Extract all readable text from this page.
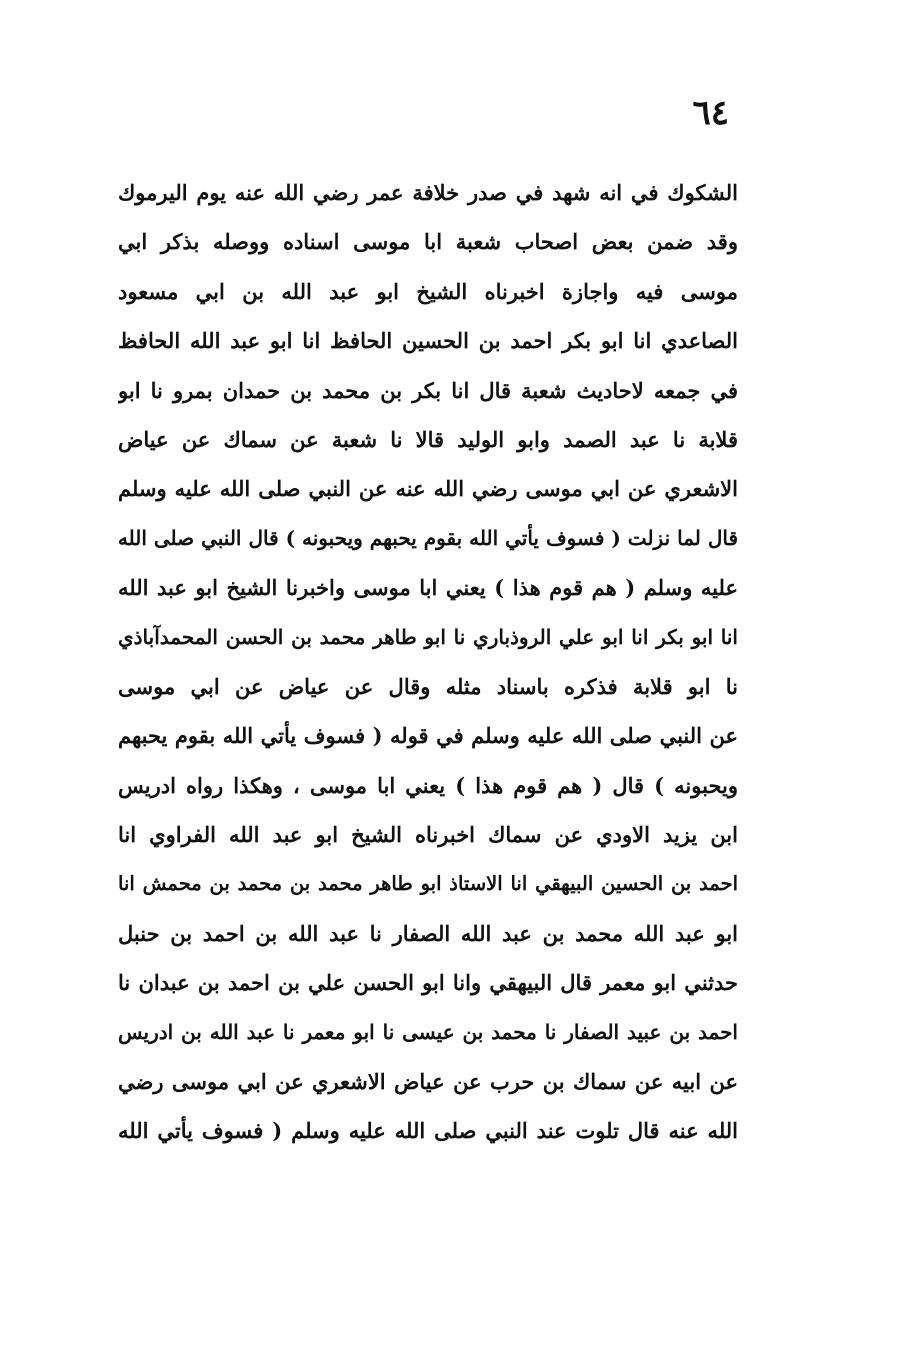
٦٤
الشكوك في انه شهد في صدر خلافة عمر رضي الله عنه يوم اليرموك
وقد ضمن بعض اصحاب شعبة ابا موسى اسناده ووصله بذكر ابي
موسى فيه واجازة اخبرناه الشيخ ابو عبد الله بن ابي مسعود
الصاعدي انا ابو بكر احمد بن الحسين الحافظ انا ابو عبد الله الحافظ
في جمعه لاحاديث شعبة قال انا بكر بن محمد بن حمدان بمرو نا ابو
قلابة نا عبد الصمد وابو الوليد قالا نا شعبة عن سماك عن عياض
الاشعري عن ابي موسى رضي الله عنه عن النبي صلى الله عليه وسلم
قال لما نزلت ( فسوف يأتي الله بقوم يحبهم ويحبونه ) قال النبي صلى الله
عليه وسلم ( هم قوم هذا ) يعني ابا موسى واخبرنا الشيخ ابو عبد الله
انا ابو بكر انا ابو علي الروذباري نا ابو طاهر محمد بن الحسن المحمدآباذي
نا ابو قلابة فذكره باسناد مثله وقال عن عياض عن ابي موسى
عن النبي صلى الله عليه وسلم في قوله ( فسوف يأتي الله بقوم يحبهم
ويحبونه ) قال ( هم قوم هذا ) يعني ابا موسى ، وهكذا رواه ادريس
ابن يزيد الاودي عن سماك اخبرناه الشيخ ابو عبد الله الفراوي انا
احمد بن الحسين البيهقي انا الاستاذ ابو طاهر محمد بن محمد بن محمش انا
ابو عبد الله محمد بن عبد الله الصفار نا عبد الله بن احمد بن حنبل
حدثني ابو معمر قال البيهقي وانا ابو الحسن علي بن احمد بن عبدان نا
احمد بن عبيد الصفار نا محمد بن عيسى نا ابو معمر نا عبد الله بن ادريس
عن ابيه عن سماك بن حرب عن عياض الاشعري عن ابي موسى رضي
الله عنه قال تلوت عند النبي صلى الله عليه وسلم ( فسوف يأتي الله
